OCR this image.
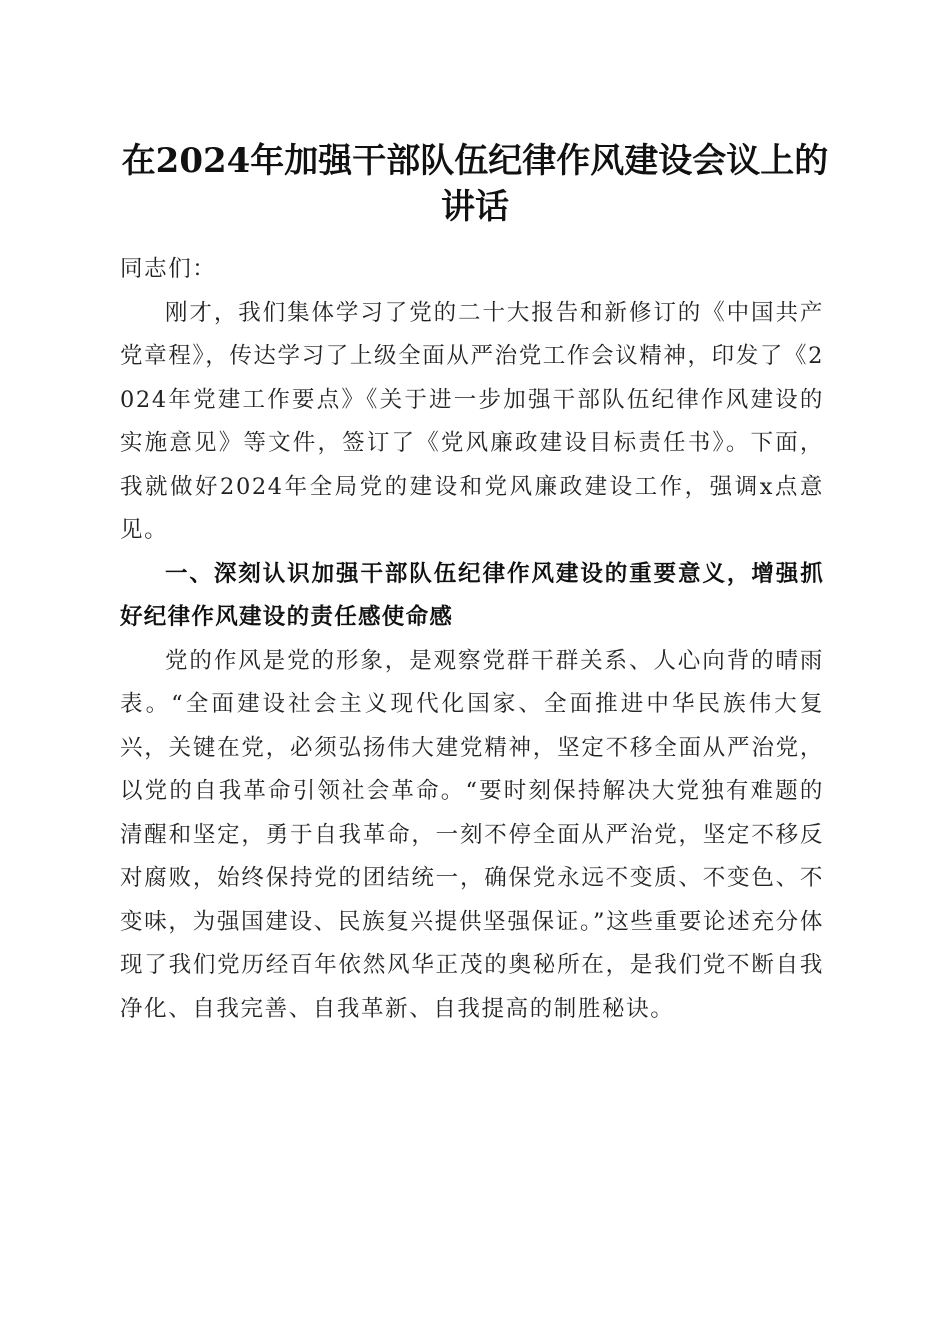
在2024年加强干部队伍纪律作风建设会议上的讲话

同志们：

刚才，我们集体学习了党的二十大报告和新修订的《中国共产党章程》，传达学习了上级全面从严治党工作会议精神，印发了《2024年党建工作要点》《关于进一步加强干部队伍纪律作风建设的实施意见》等文件，签订了《党风廉政建设目标责任书》。下面，我就做好2024年全局党的建设和党风廉政建设工作，强调x点意见。

一、深刻认识加强干部队伍纪律作风建设的重要意义，增强抓好纪律作风建设的责任感使命感

党的作风是党的形象，是观察党群干群关系、人心向背的晴雨表。“全面建设社会主义现代化国家、全面推进中华民族伟大复兴，关键在党，必须弘扬伟大建党精神，坚定不移全面从严治党，以党的自我革命引领社会革命。“要时刻保持解决大党独有难题的清醒和坚定，勇于自我革命，一刻不停全面从严治党，坚定不移反对腐败，始终保持党的团结统一，确保党永远不变质、不变色、不变味，为强国建设、民族复兴提供坚强保证。”这些重要论述充分体现了我们党历经百年依然风华正茂的奥秘所在，是我们党不断自我净化、自我完善、自我革新、自我提高的制胜秘诀。
